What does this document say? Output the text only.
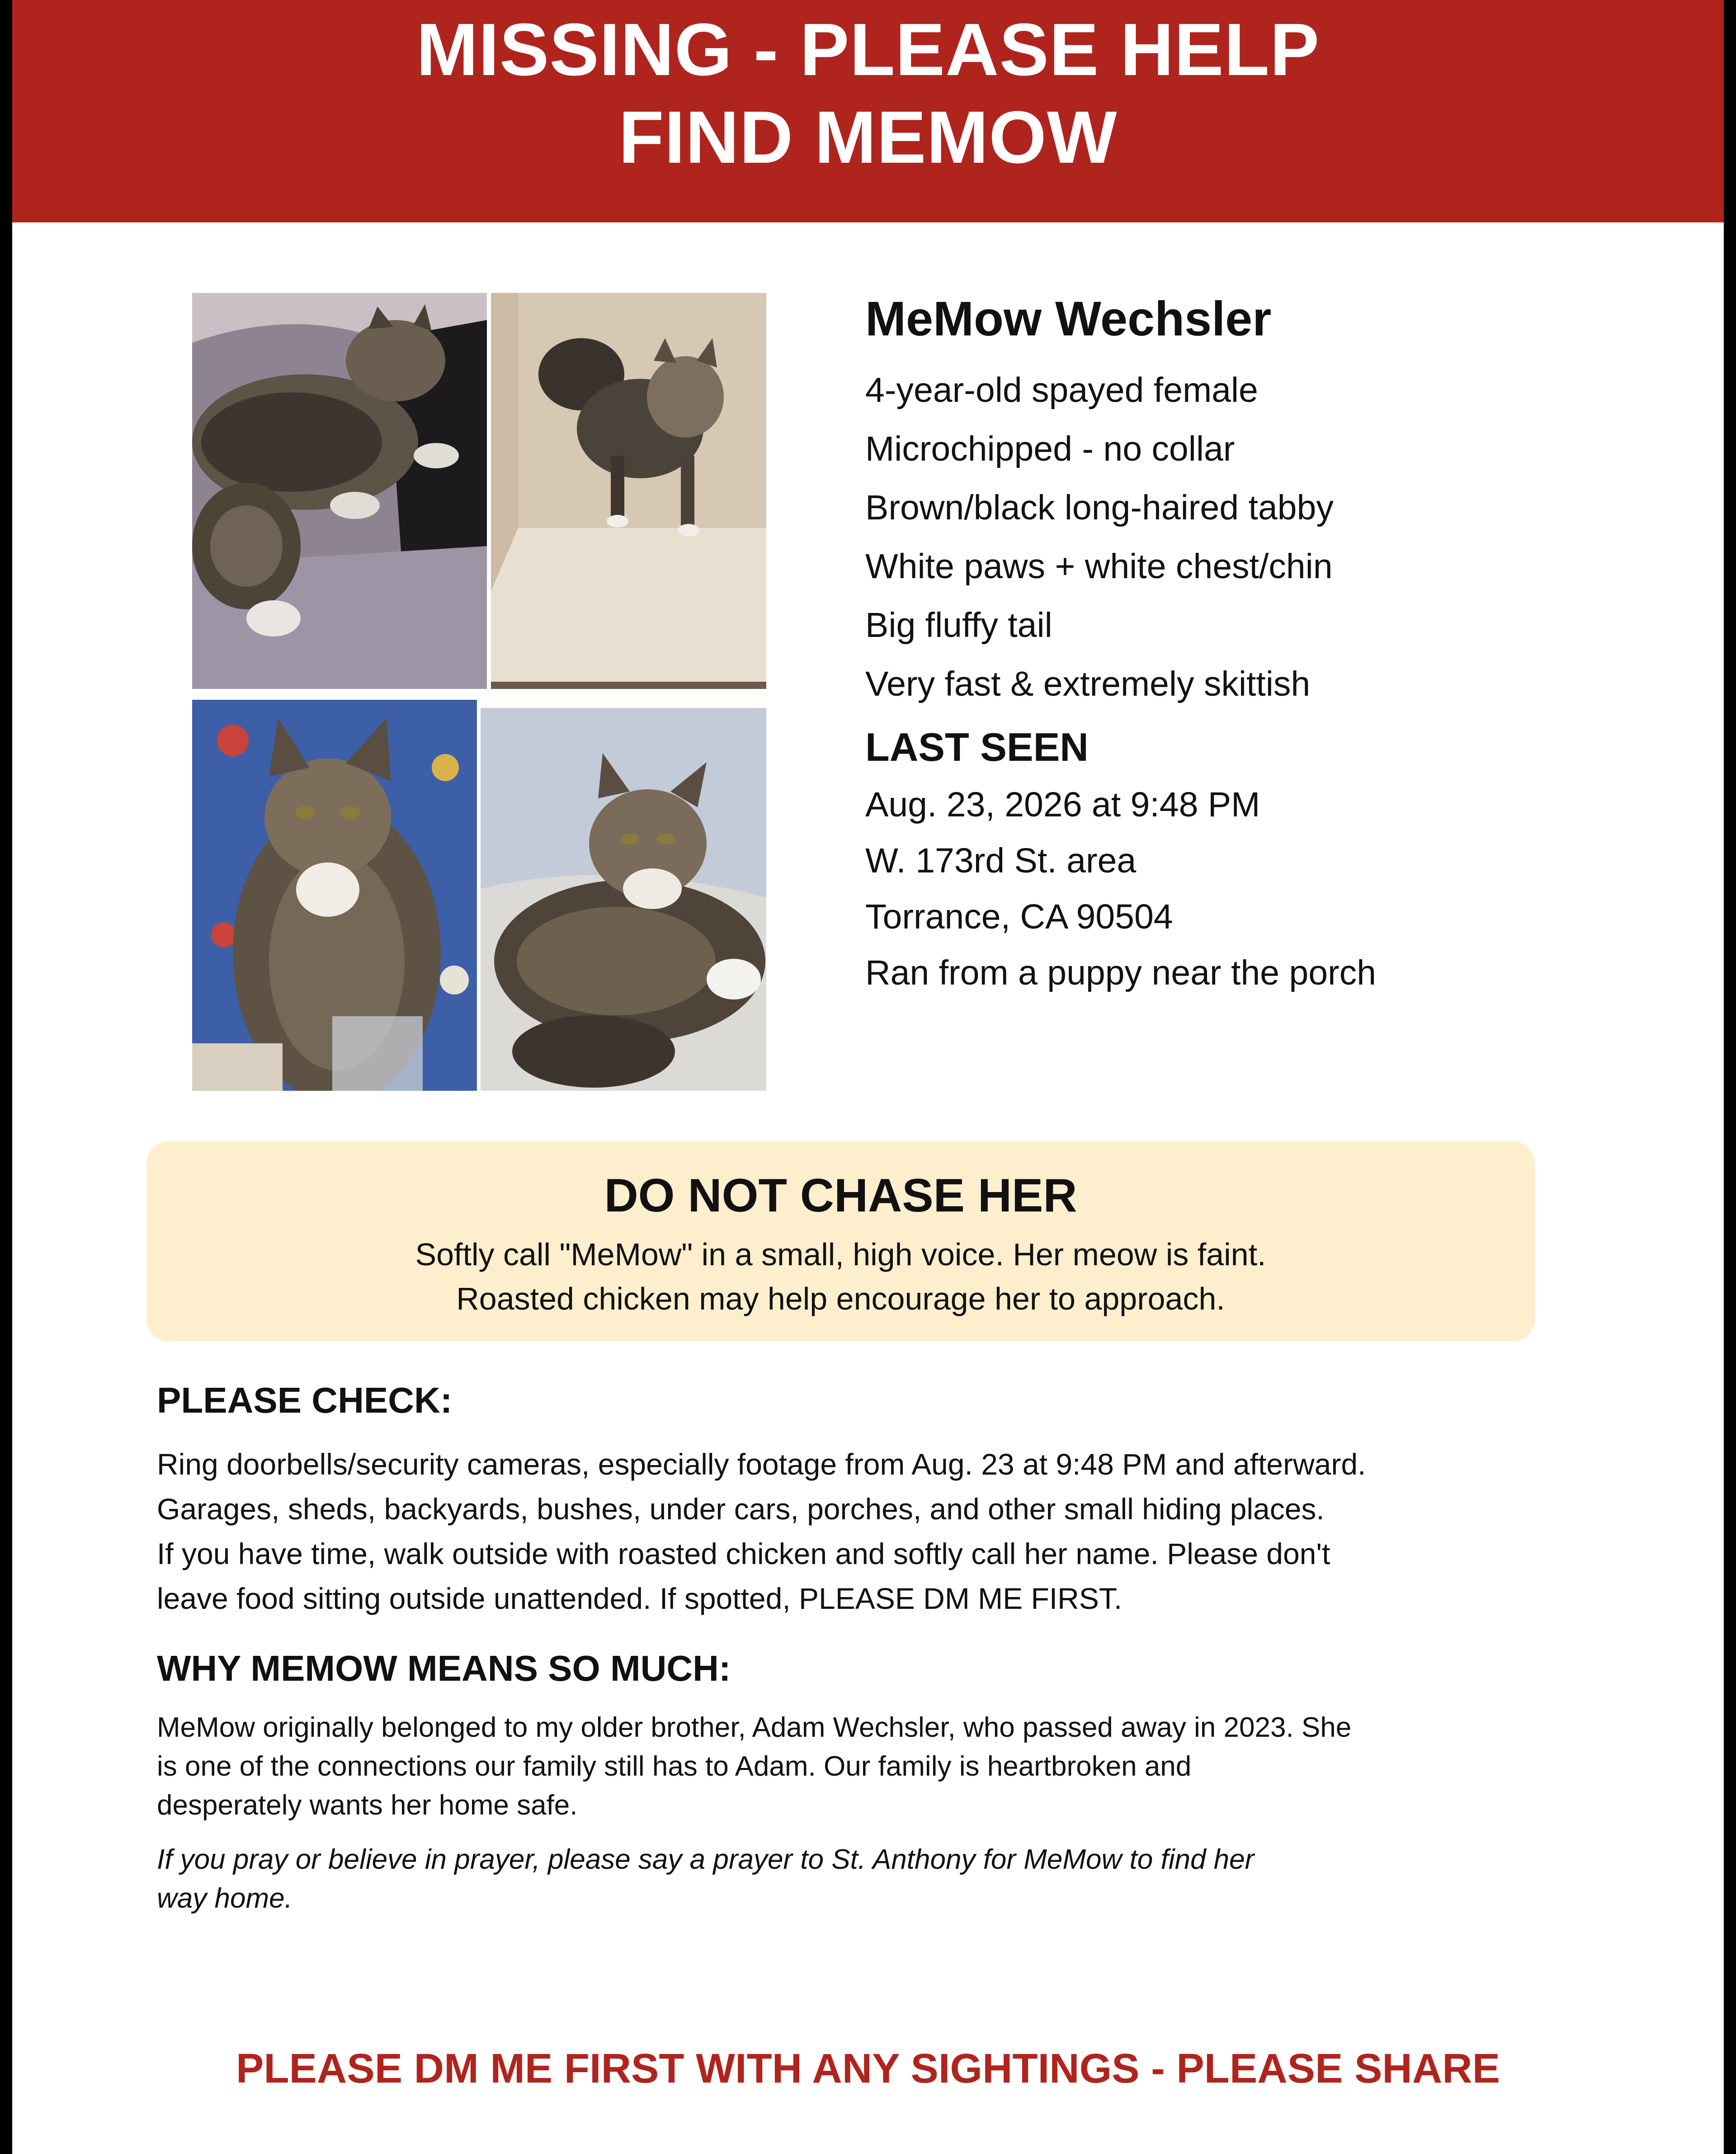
MISSING - PLEASE HELP
FIND MEMOW
MeMow Wechsler
4-year-old spayed female
Microchipped - no collar
Brown/black long-haired tabby
White paws + white chest/chin
Big fluffy tail
Very fast & extremely skittish
LAST SEEN
Aug. 23, 2026 at 9:48 PM
W. 173rd St. area
Torrance, CA 90504
Ran from a puppy near the porch
DO NOT CHASE HER
Softly call "MeMow" in a small, high voice. Her meow is faint.
Roasted chicken may help encourage her to approach.
PLEASE CHECK:
Ring doorbells/security cameras, especially footage from Aug. 23 at 9:48 PM and afterward.
Garages, sheds, backyards, bushes, under cars, porches, and other small hiding places.
If you have time, walk outside with roasted chicken and softly call her name. Please don't
leave food sitting outside unattended. If spotted, PLEASE DM ME FIRST.
WHY MEMOW MEANS SO MUCH:
MeMow originally belonged to my older brother, Adam Wechsler, who passed away in 2023. She
is one of the connections our family still has to Adam. Our family is heartbroken and
desperately wants her home safe.
If you pray or believe in prayer, please say a prayer to St. Anthony for MeMow to find her
way home.
PLEASE DM ME FIRST WITH ANY SIGHTINGS - PLEASE SHARE
